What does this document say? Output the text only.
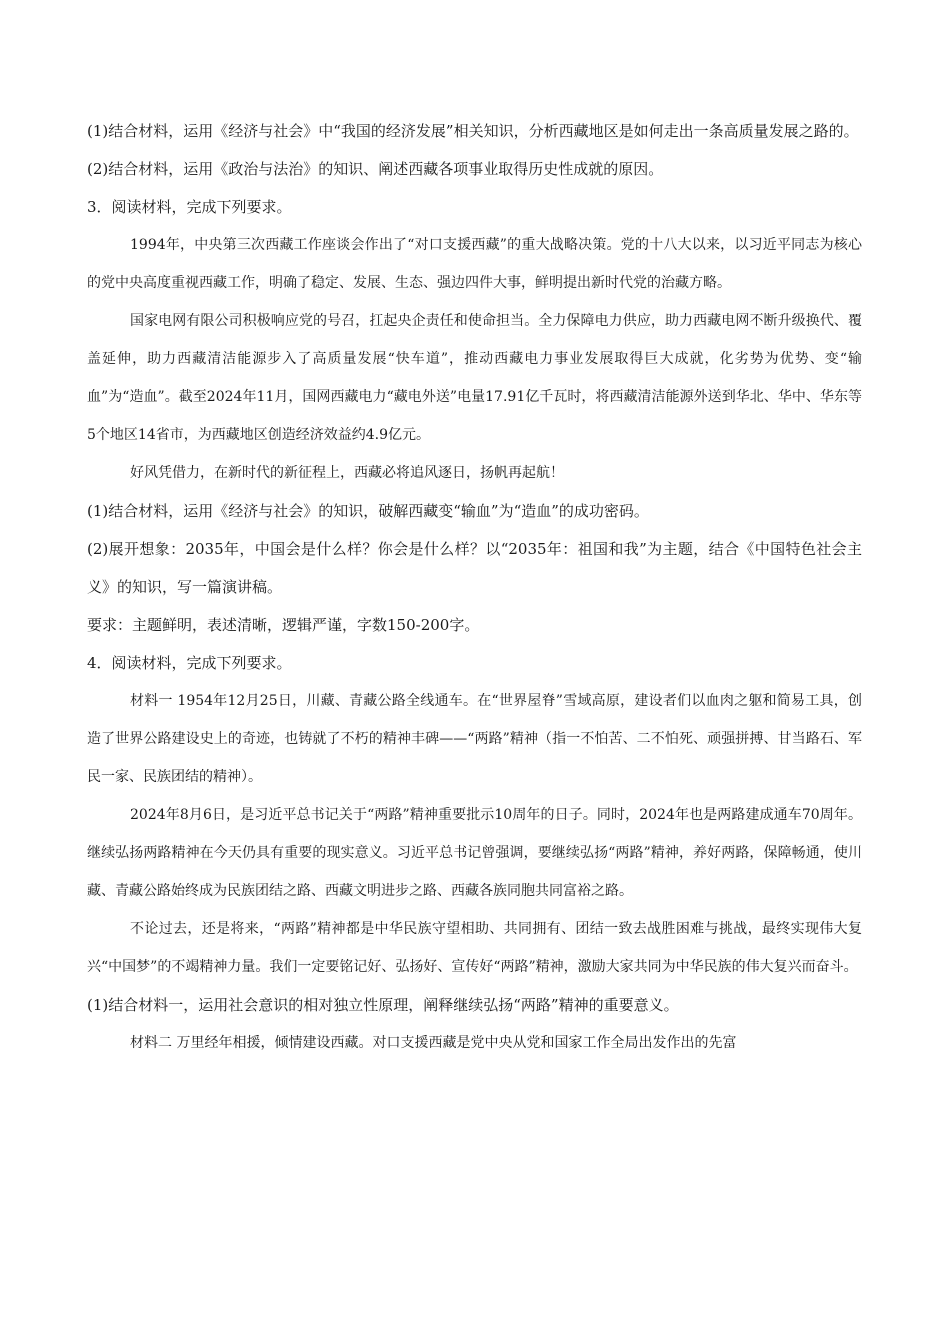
(1)结合材料，运用《经济与社会》中“我国的经济发展”相关知识，分析西藏地区是如何走出一条高质量发展之路的。

(2)结合材料，运用《政治与法治》的知识、阐述西藏各项事业取得历史性成就的原因。

3．阅读材料，完成下列要求。

1994年，中央第三次西藏工作座谈会作出了“对口支援西藏”的重大战略决策。党的十八大以来，以习近平同志为核心的党中央高度重视西藏工作，明确了稳定、发展、生态、强边四件大事，鲜明提出新时代党的治藏方略。

国家电网有限公司积极响应党的号召，扛起央企责任和使命担当。全力保障电力供应，助力西藏电网不断升级换代、覆盖延伸，助力西藏清洁能源步入了高质量发展“快车道”，推动西藏电力事业发展取得巨大成就，化劣势为优势、变“输血”为“造血”。截至2024年11月，国网西藏电力“藏电外送”电量17.91亿千瓦时，将西藏清洁能源外送到华北、华中、华东等5个地区14省市，为西藏地区创造经济效益约4.9亿元。

好风凭借力，在新时代的新征程上，西藏必将追风逐日，扬帆再起航！

(1)结合材料，运用《经济与社会》的知识，破解西藏变“输血”为“造血”的成功密码。

(2)展开想象：2035年，中国会是什么样？你会是什么样？以“2035年：祖国和我”为主题，结合《中国特色社会主义》的知识，写一篇演讲稿。

要求：主题鲜明，表述清晰，逻辑严谨，字数150-200字。

4．阅读材料，完成下列要求。

材料一 1954年12月25日，川藏、青藏公路全线通车。在“世界屋脊”雪域高原，建设者们以血肉之躯和简易工具，创造了世界公路建设史上的奇迹，也铸就了不朽的精神丰碑——“两路”精神（指一不怕苦、二不怕死、顽强拼搏、甘当路石、军民一家、民族团结的精神）。

2024年8月6日，是习近平总书记关于“两路”精神重要批示10周年的日子。同时，2024年也是两路建成通车70周年。继续弘扬两路精神在今天仍具有重要的现实意义。习近平总书记曾强调，要继续弘扬“两路”精神，养好两路，保障畅通，使川藏、青藏公路始终成为民族团结之路、西藏文明进步之路、西藏各族同胞共同富裕之路。

不论过去，还是将来，“两路”精神都是中华民族守望相助、共同拥有、团结一致去战胜困难与挑战，最终实现伟大复兴“中国梦”的不竭精神力量。我们一定要铭记好、弘扬好、宣传好“两路”精神，激励大家共同为中华民族的伟大复兴而奋斗。

(1)结合材料一，运用社会意识的相对独立性原理，阐释继续弘扬“两路”精神的重要意义。

材料二 万里经年相援，倾情建设西藏。对口支援西藏是党中央从党和国家工作全局出发作出的先富
